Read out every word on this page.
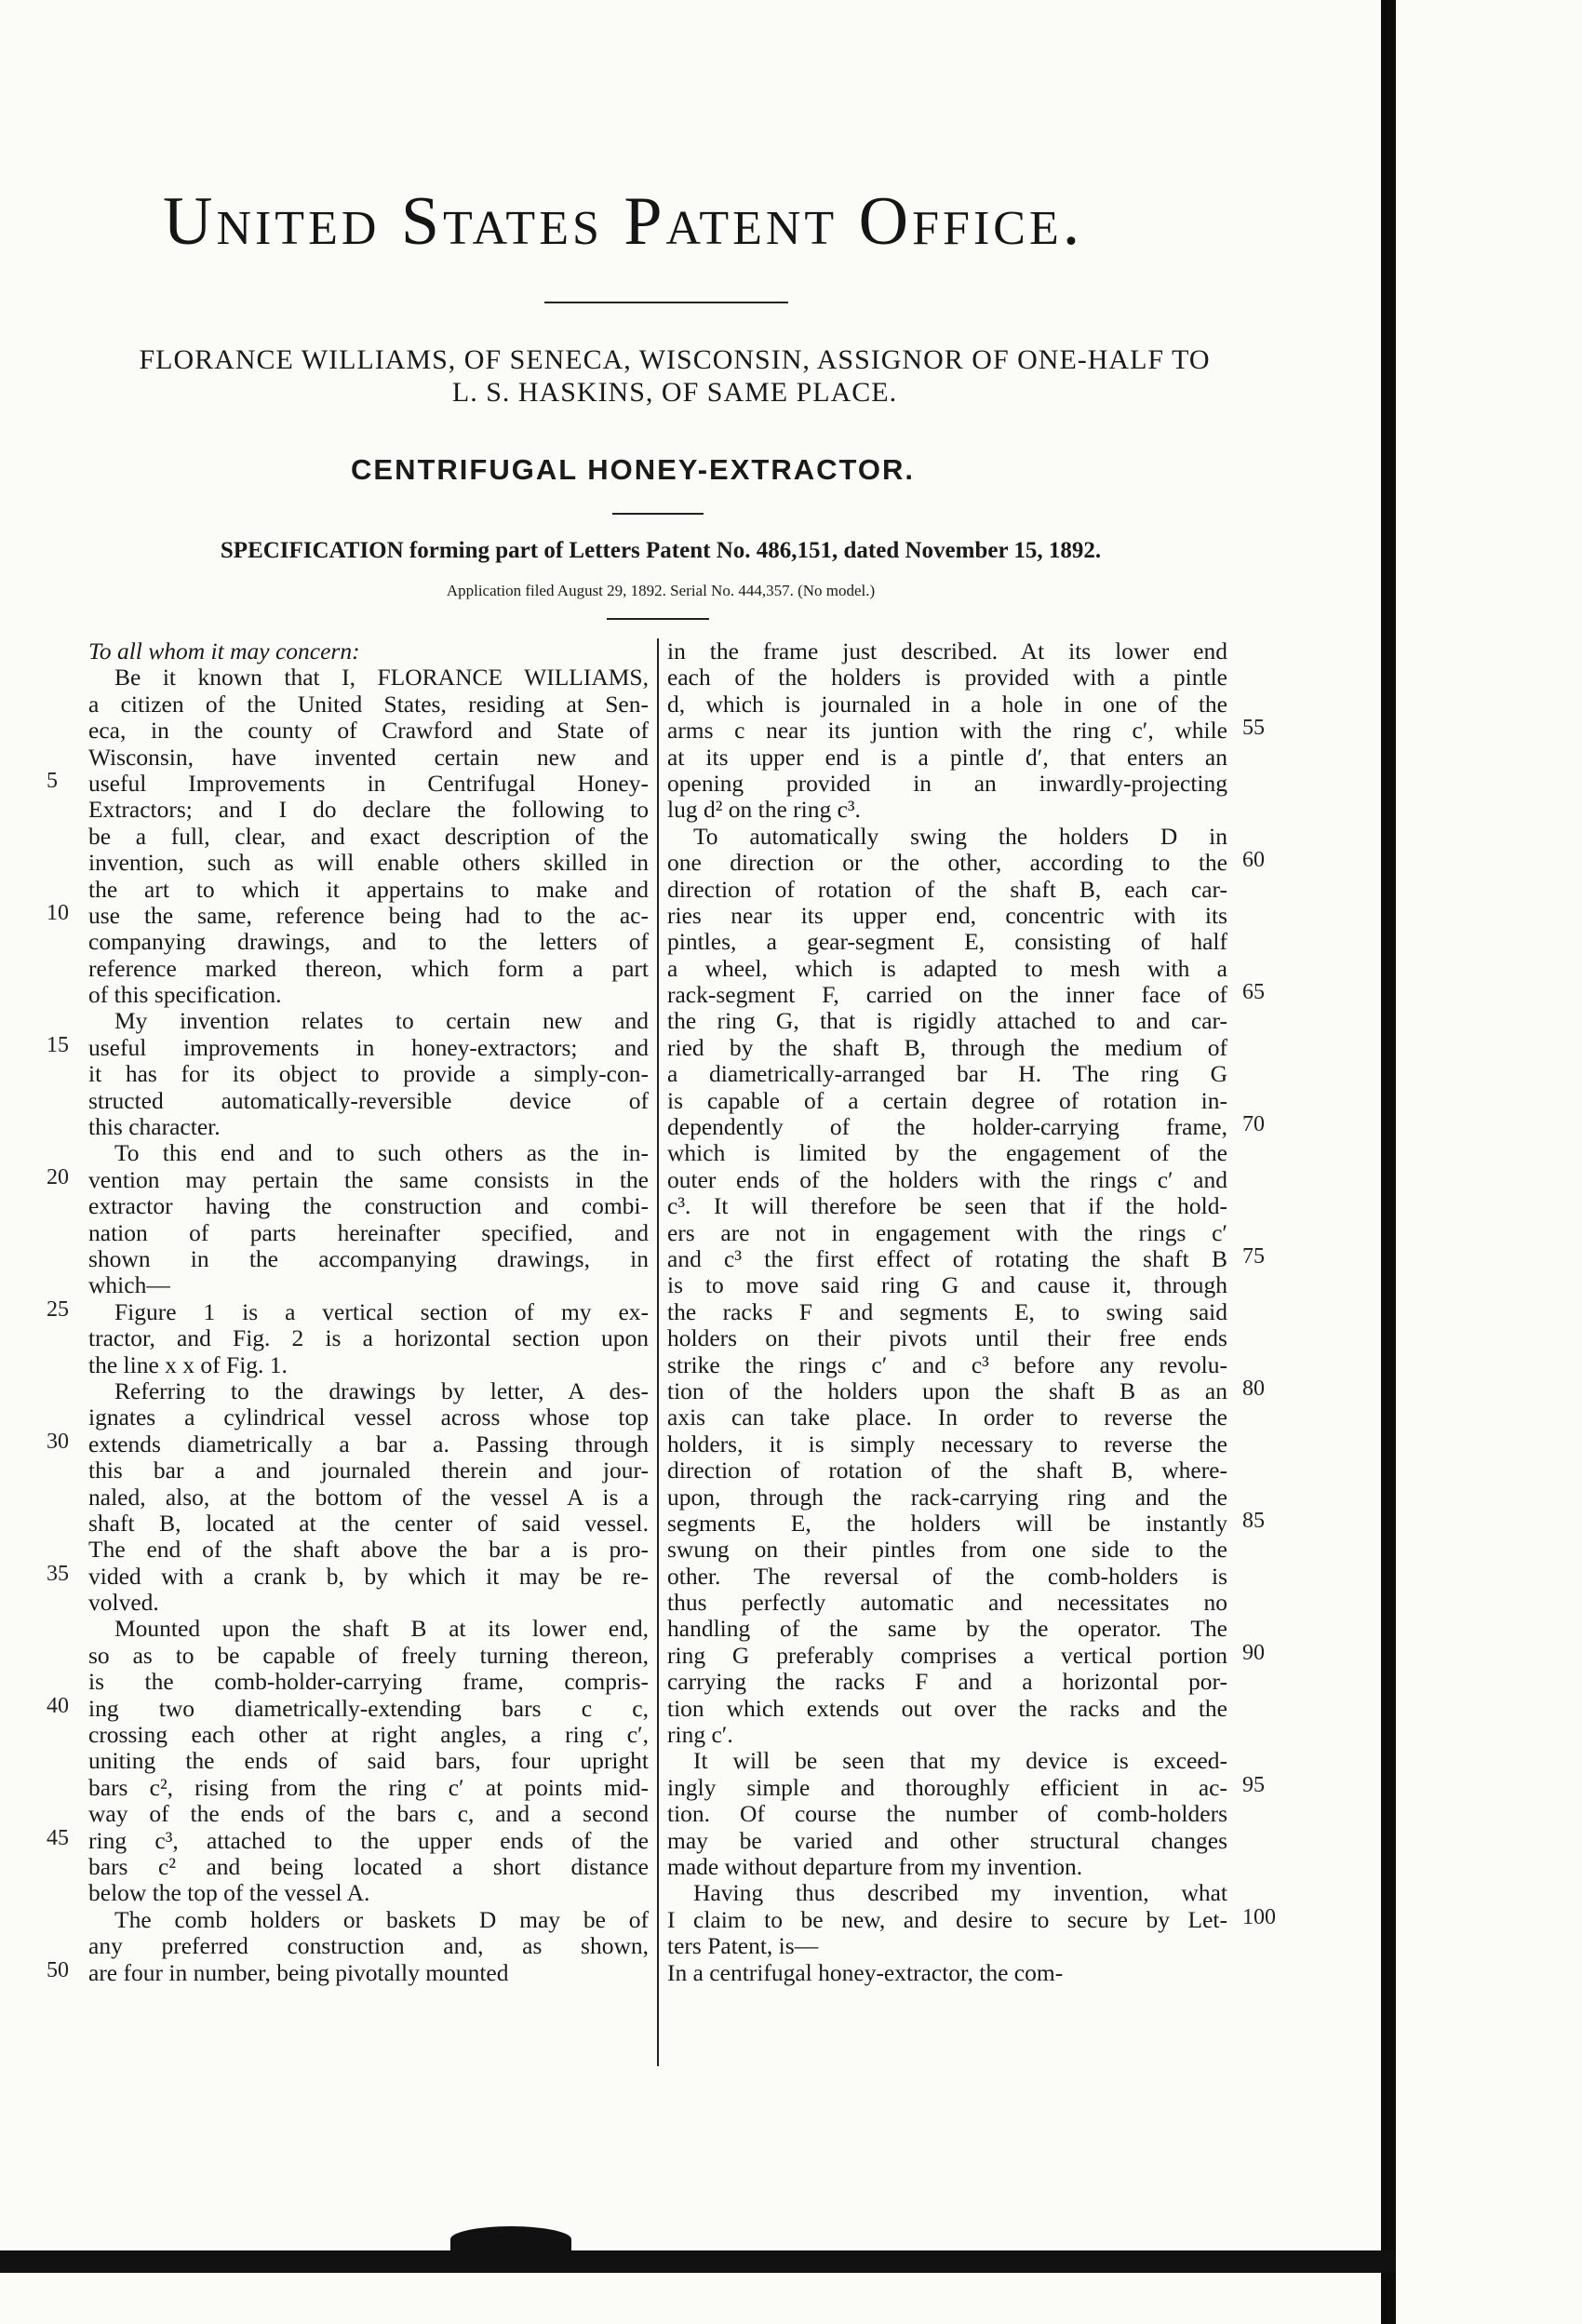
United States Patent Office.
FLORANCE WILLIAMS, OF SENECA, WISCONSIN, ASSIGNOR OF ONE-HALF TO
L. S. HASKINS, OF SAME PLACE.
CENTRIFUGAL HONEY-EXTRACTOR.
SPECIFICATION forming part of Letters Patent No. 486,151, dated November 15, 1892.
Application filed August 29, 1892. Serial No. 444,357. (No model.)
To all whom it may concern:
Be it known that I, FLORANCE WILLIAMS,
a citizen of the United States, residing at Sen-
eca, in the county of Crawford and State of
Wisconsin, have invented certain new and
useful Improvements in Centrifugal Honey-
Extractors; and I do declare the following to
be a full, clear, and exact description of the
invention, such as will enable others skilled in
the art to which it appertains to make and
use the same, reference being had to the ac-
companying drawings, and to the letters of
reference marked thereon, which form a part
of this specification.
My invention relates to certain new and
useful improvements in honey-extractors; and
it has for its object to provide a simply-con-
structed automatically-reversible device of
this character.
To this end and to such others as the in-
vention may pertain the same consists in the
extractor having the construction and combi-
nation of parts hereinafter specified, and
shown in the accompanying drawings, in
which—
Figure 1 is a vertical section of my ex-
tractor, and Fig. 2 is a horizontal section upon
the line x x of Fig. 1.
Referring to the drawings by letter, A des-
ignates a cylindrical vessel across whose top
extends diametrically a bar a. Passing through
this bar a and journaled therein and jour-
naled, also, at the bottom of the vessel A is a
shaft B, located at the center of said vessel.
The end of the shaft above the bar a is pro-
vided with a crank b, by which it may be re-
volved.
Mounted upon the shaft B at its lower end,
so as to be capable of freely turning thereon,
is the comb-holder-carrying frame, compris-
ing two diametrically-extending bars c c,
crossing each other at right angles, a ring c′,
uniting the ends of said bars, four upright
bars c², rising from the ring c′ at points mid-
way of the ends of the bars c, and a second
ring c³, attached to the upper ends of the
bars c² and being located a short distance
below the top of the vessel A.
The comb holders or baskets D may be of
any preferred construction and, as shown,
are four in number, being pivotally mounted
in the frame just described. At its lower end
each of the holders is provided with a pintle
d, which is journaled in a hole in one of the
arms c near its juntion with the ring c′, while
at its upper end is a pintle d′, that enters an
opening provided in an inwardly-projecting
lug d² on the ring c³.
To automatically swing the holders D in
one direction or the other, according to the
direction of rotation of the shaft B, each car-
ries near its upper end, concentric with its
pintles, a gear-segment E, consisting of half
a wheel, which is adapted to mesh with a
rack-segment F, carried on the inner face of
the ring G, that is rigidly attached to and car-
ried by the shaft B, through the medium of
a diametrically-arranged bar H. The ring G
is capable of a certain degree of rotation in-
dependently of the holder-carrying frame,
which is limited by the engagement of the
outer ends of the holders with the rings c′ and
c³. It will therefore be seen that if the hold-
ers are not in engagement with the rings c′
and c³ the first effect of rotating the shaft B
is to move said ring G and cause it, through
the racks F and segments E, to swing said
holders on their pivots until their free ends
strike the rings c′ and c³ before any revolu-
tion of the holders upon the shaft B as an
axis can take place. In order to reverse the
holders, it is simply necessary to reverse the
direction of rotation of the shaft B, where-
upon, through the rack-carrying ring and the
segments E, the holders will be instantly
swung on their pintles from one side to the
other. The reversal of the comb-holders is
thus perfectly automatic and necessitates no
handling of the same by the operator. The
ring G preferably comprises a vertical portion
carrying the racks F and a horizontal por-
tion which extends out over the racks and the
ring c′.
It will be seen that my device is exceed-
ingly simple and thoroughly efficient in ac-
tion. Of course the number of comb-holders
may be varied and other structural changes
made without departure from my invention.
Having thus described my invention, what
I claim to be new, and desire to secure by Let-
ters Patent, is—
In a centrifugal honey-extractor, the com-
5
10
15
20
25
30
35
40
45
50
55
60
65
70
75
80
85
90
95
100
